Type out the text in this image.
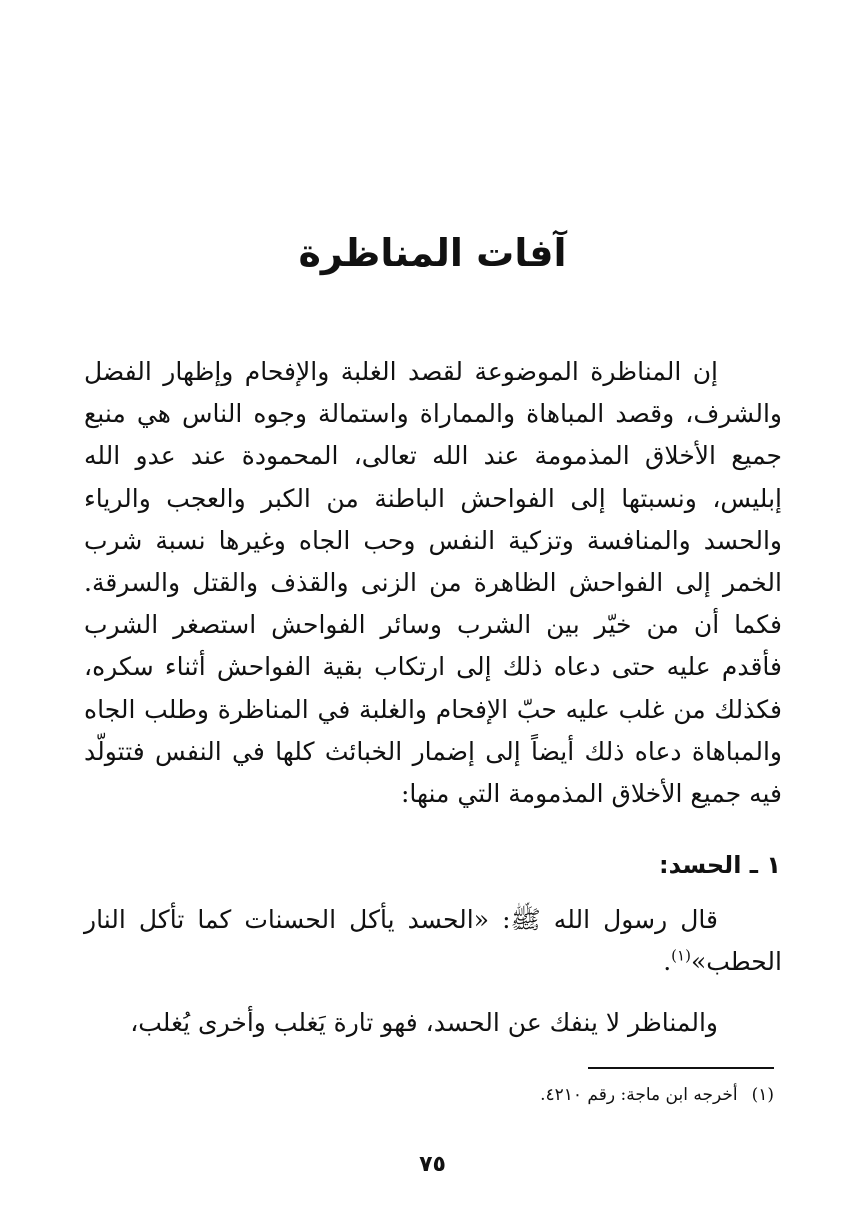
آفات المناظرة

إن المناظرة الموضوعة لقصد الغلبة والإفحام وإظهار الفضل والشرف، وقصد المباهاة والمماراة واستمالة وجوه الناس هي منبع جميع الأخلاق المذمومة عند الله تعالى، المحمودة عند عدو الله إبليس، ونسبتها إلى الفواحش الباطنة من الكبر والعجب والرياء والحسد والمنافسة وتزكية النفس وحب الجاه وغيرها نسبة شرب الخمر إلى الفواحش الظاهرة من الزنى والقذف والقتل والسرقة. فكما أن من خيّر بين الشرب وسائر الفواحش استصغر الشرب فأقدم عليه حتى دعاه ذلك إلى ارتكاب بقية الفواحش أثناء سكره، فكذلك من غلب عليه حبّ الإفحام والغلبة في المناظرة وطلب الجاه والمباهاة دعاه ذلك أيضاً إلى إضمار الخبائث كلها في النفس فتتولّد فيه جميع الأخلاق المذمومة التي منها:

١ ـ الحسد:

قال رسول الله ﷺ: «الحسد يأكل الحسنات كما تأكل النار الحطب»$^{(١)}$.

والمناظر لا ينفك عن الحسد، فهو تارة يَغلب وأخرى يُغلب،

(١)أخرجه ابن ماجة: رقم ٤٢١٠.

٧٥
